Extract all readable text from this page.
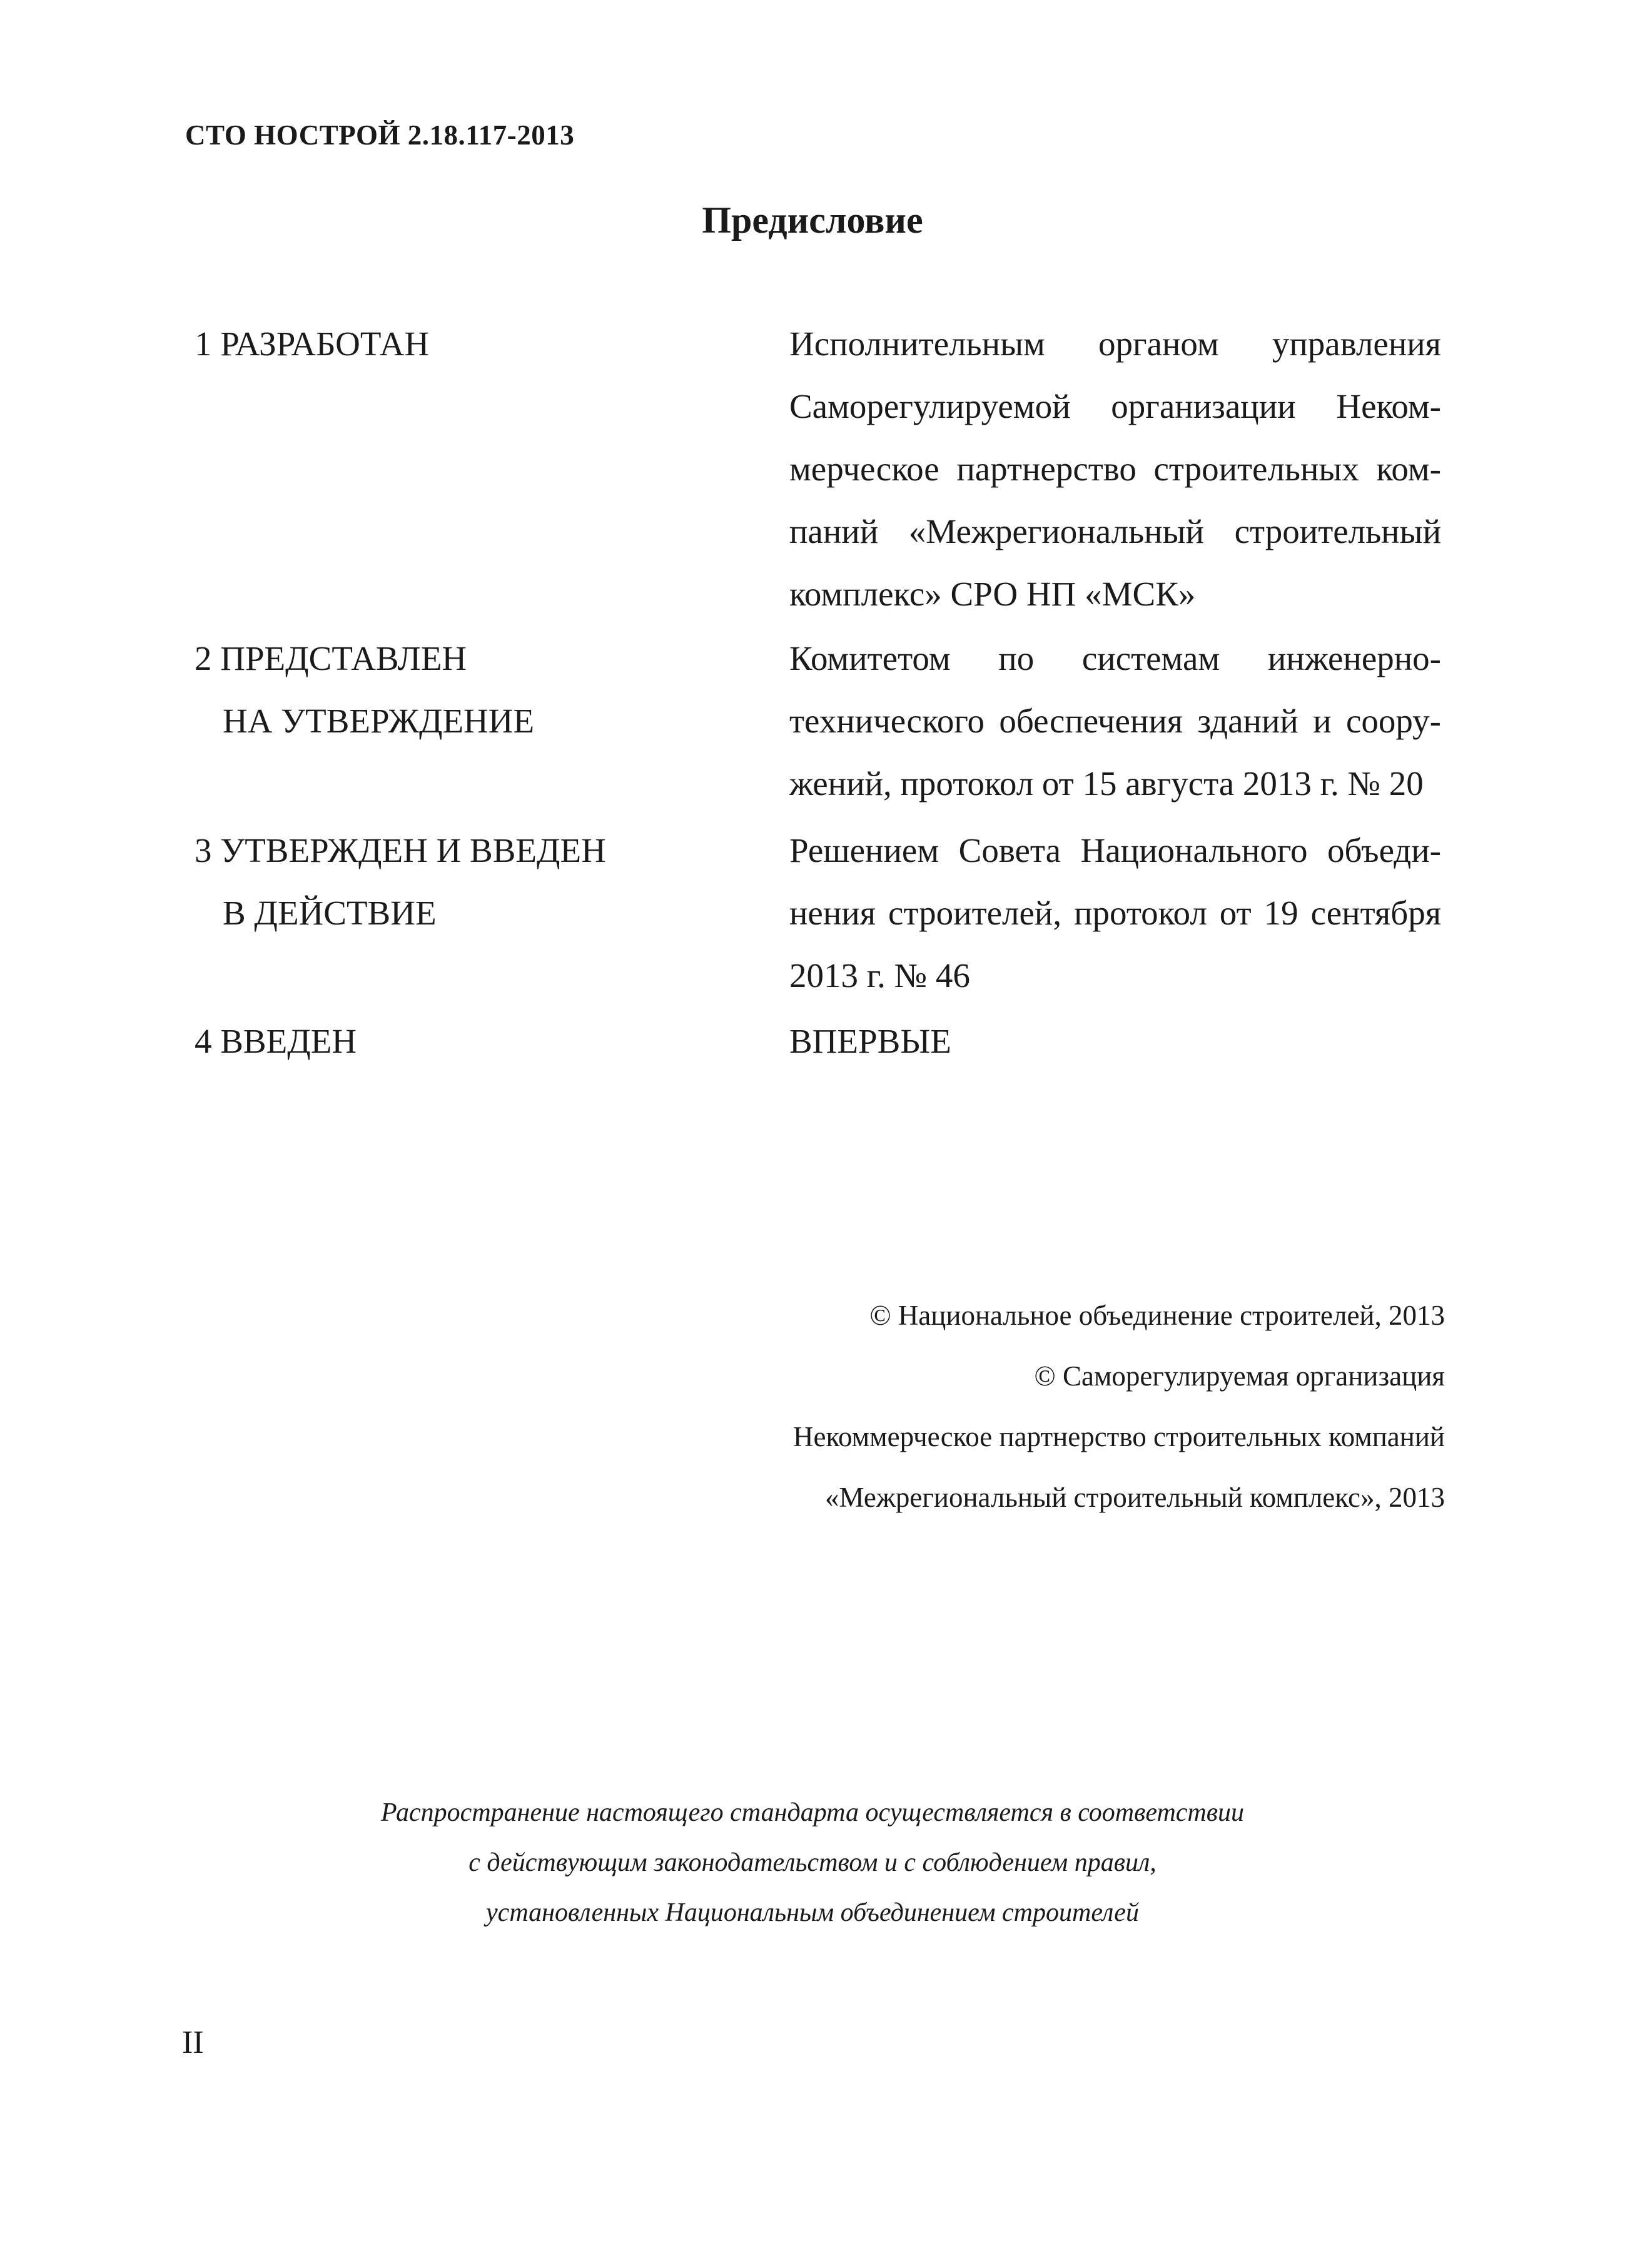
СТО НОСТРОЙ 2.18.117-2013
Предисловие
1 РАЗРАБОТАН	Исполнительным органом управления
Саморегулируемой организации Неком-
мерческое партнерство строительных ком-
паний «Межрегиональный строительный
комплекс» СРО НП «МСК»
2 ПРЕДСТАВЛЕН
НА УТВЕРЖДЕНИЕ
Комитетом по системам инженерно-
технического обеспечения зданий и соору-
жений, протокол от 15 августа 2013 г. № 20
3 УТВЕРЖДЕН И ВВЕДЕН
В ДЕЙСТВИЕ
Решением Совета Национального объеди-
нения строителей, протокол от 19 сентября
2013 г. № 46
4 ВВЕДЕН	ВПЕРВЫЕ
© Национальное объединение строителей, 2013
© Саморегулируемая организация
Некоммерческое партнерство строительных компаний
«Межрегиональный строительный комплекс», 2013
Распространение настоящего стандарта осуществляется в соответствии
с действующим законодательством и с соблюдением правил,
установленных Национальным объединением строителей
II
